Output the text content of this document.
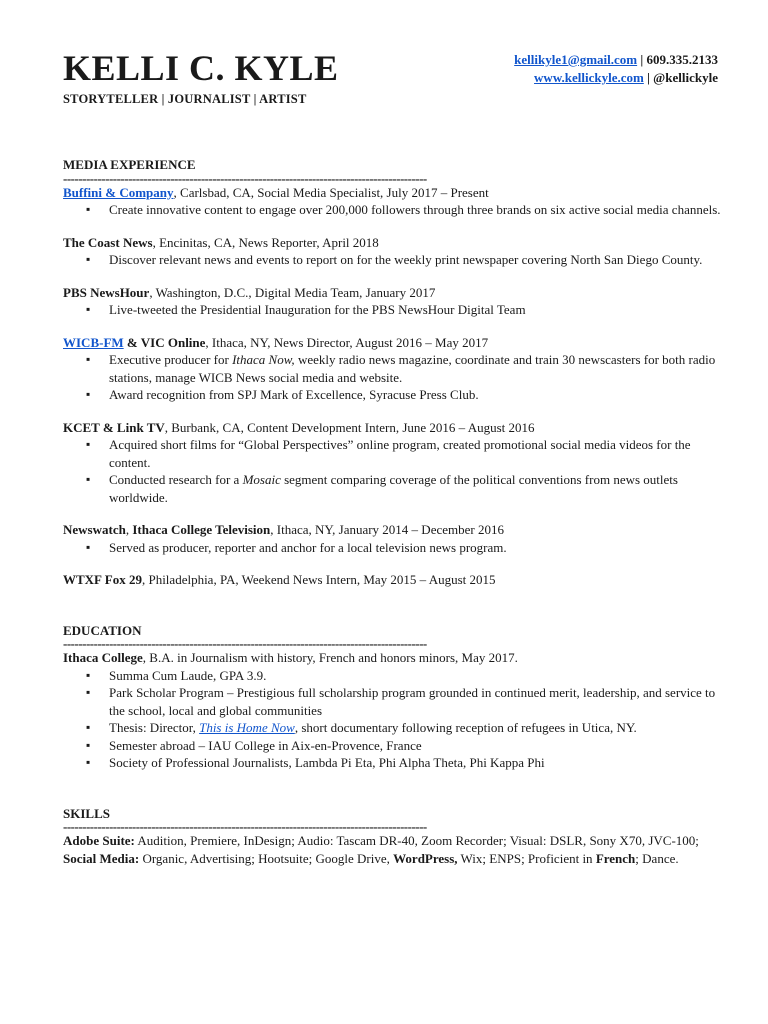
KELLI C. KYLE
STORYTELLER | JOURNALIST | ARTIST
kellikyle1@gmail.com | 609.335.2133
www.kellickyle.com | @kellickyle
MEDIA EXPERIENCE
-----------------------------------------------------------------------------------------------
Buffini & Company, Carlsbad, CA, Social Media Specialist, July 2017 – Present
▪ Create innovative content to engage over 200,000 followers through three brands on six active social media channels.
The Coast News, Encinitas, CA, News Reporter, April 2018
▪ Discover relevant news and events to report on for the weekly print newspaper covering North San Diego County.
PBS NewsHour, Washington, D.C., Digital Media Team, January 2017
▪ Live-tweeted the Presidential Inauguration for the PBS NewsHour Digital Team
WICB-FM & VIC Online, Ithaca, NY, News Director, August 2016 – May 2017
▪ Executive producer for Ithaca Now, weekly radio news magazine, coordinate and train 30 newscasters for both radio stations, manage WICB News social media and website.
▪ Award recognition from SPJ Mark of Excellence, Syracuse Press Club.
KCET & Link TV, Burbank, CA, Content Development Intern, June 2016 – August 2016
▪ Acquired short films for “Global Perspectives” online program, created promotional social media videos for the content.
▪ Conducted research for a Mosaic segment comparing coverage of the political conventions from news outlets worldwide.
Newswatch, Ithaca College Television, Ithaca, NY, January 2014 – December 2016
▪ Served as producer, reporter and anchor for a local television news program.
WTXF Fox 29, Philadelphia, PA, Weekend News Intern, May 2015 – August 2015
EDUCATION
-----------------------------------------------------------------------------------------------
Ithaca College, B.A. in Journalism with history, French and honors minors, May 2017.
▪ Summa Cum Laude, GPA 3.9.
▪ Park Scholar Program – Prestigious full scholarship program grounded in continued merit, leadership, and service to the school, local and global communities
▪ Thesis: Director, This is Home Now, short documentary following reception of refugees in Utica, NY.
▪ Semester abroad – IAU College in Aix-en-Provence, France
▪ Society of Professional Journalists, Lambda Pi Eta, Phi Alpha Theta, Phi Kappa Phi
SKILLS
-----------------------------------------------------------------------------------------------
Adobe Suite: Audition, Premiere, InDesign; Audio: Tascam DR-40, Zoom Recorder; Visual: DSLR, Sony X70, JVC-100; Social Media: Organic, Advertising; Hootsuite; Google Drive, WordPress, Wix; ENPS; Proficient in French; Dance.
